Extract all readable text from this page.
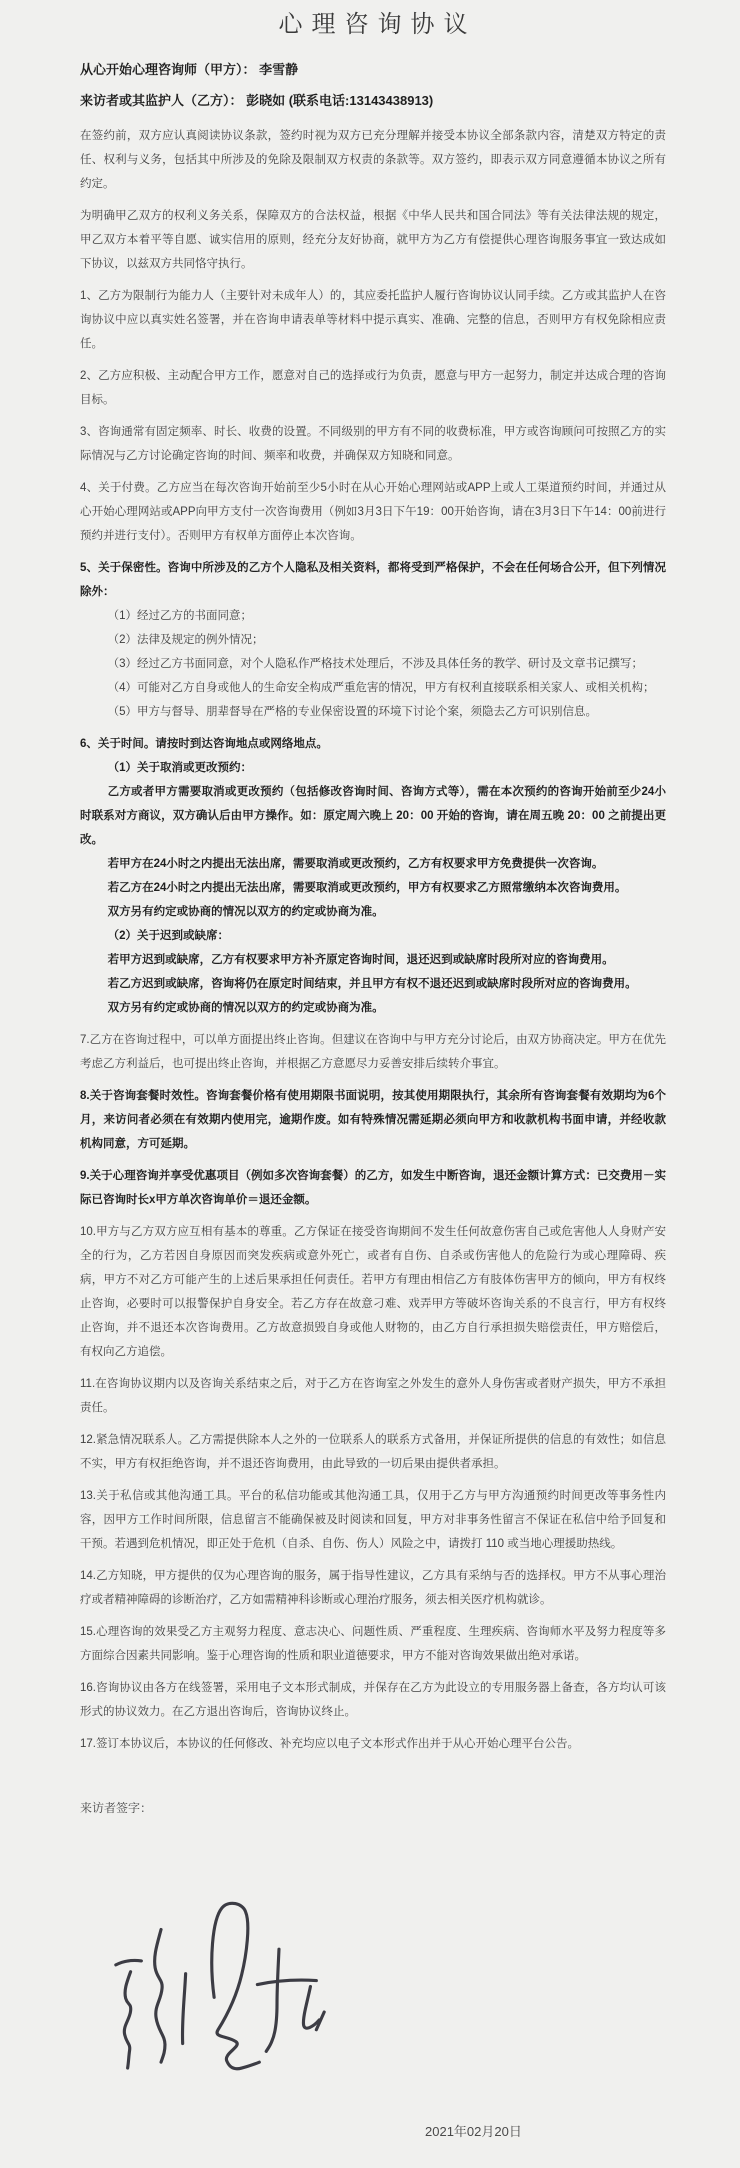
心理咨询协议

从心开始心理咨询师（甲方）： 李雪静

来访者或其监护人（乙方）： 彭晓如 (联系电话:13143438913)

在签约前，双方应认真阅读协议条款，签约时视为双方已充分理解并接受本协议全部条款内容，清楚双方特定的责任、权利与义务，包括其中所涉及的免除及限制双方权责的条款等。双方签约，即表示双方同意遵循本协议之所有约定。

为明确甲乙双方的权利义务关系，保障双方的合法权益，根据《中华人民共和国合同法》等有关法律法规的规定，甲乙双方本着平等自愿、诚实信用的原则，经充分友好协商，就甲方为乙方有偿提供心理咨询服务事宜一致达成如下协议，以兹双方共同恪守执行。

1、乙方为限制行为能力人（主要针对未成年人）的，其应委托监护人履行咨询协议认同手续。乙方或其监护人在咨询协议中应以真实姓名签署，并在咨询申请表单等材料中提示真实、准确、完整的信息，否则甲方有权免除相应责任。

2、乙方应积极、主动配合甲方工作，愿意对自己的选择或行为负责，愿意与甲方一起努力，制定并达成合理的咨询目标。

3、咨询通常有固定频率、时长、收费的设置。不同级别的甲方有不同的收费标准，甲方或咨询顾问可按照乙方的实际情况与乙方讨论确定咨询的时间、频率和收费，并确保双方知晓和同意。

4、关于付费。乙方应当在每次咨询开始前至少5小时在从心开始心理网站或APP上或人工渠道预约时间，并通过从心开始心理网站或APP向甲方支付一次咨询费用（例如3月3日下午19：00开始咨询，请在3月3日下午14：00前进行预约并进行支付）。否则甲方有权单方面停止本次咨询。

5、关于保密性。咨询中所涉及的乙方个人隐私及相关资料，都将受到严格保护，不会在任何场合公开，但下列情况除外：

（1）经过乙方的书面同意；

（2）法律及规定的例外情况；

（3）经过乙方书面同意，对个人隐私作严格技术处理后，不涉及具体任务的教学、研讨及文章书记撰写；

（4）可能对乙方自身或他人的生命安全构成严重危害的情况，甲方有权利直接联系相关家人、或相关机构；

（5）甲方与督导、朋辈督导在严格的专业保密设置的环境下讨论个案，须隐去乙方可识别信息。

6、关于时间。请按时到达咨询地点或网络地点。

（1）关于取消或更改预约：

乙方或者甲方需要取消或更改预约（包括修改咨询时间、咨询方式等），需在本次预约的咨询开始前至少24小时联系对方商议，双方确认后由甲方操作。如：原定周六晚上 20：00 开始的咨询，请在周五晚 20：00 之前提出更改。

若甲方在24小时之内提出无法出席，需要取消或更改预约，乙方有权要求甲方免费提供一次咨询。

若乙方在24小时之内提出无法出席，需要取消或更改预约，甲方有权要求乙方照常缴纳本次咨询费用。

双方另有约定或协商的情况以双方的约定或协商为准。

（2）关于迟到或缺席：

若甲方迟到或缺席，乙方有权要求甲方补齐原定咨询时间，退还迟到或缺席时段所对应的咨询费用。

若乙方迟到或缺席，咨询将仍在原定时间结束，并且甲方有权不退还迟到或缺席时段所对应的咨询费用。

双方另有约定或协商的情况以双方的约定或协商为准。

7.乙方在咨询过程中，可以单方面提出终止咨询。但建议在咨询中与甲方充分讨论后，由双方协商决定。甲方在优先考虑乙方利益后，也可提出终止咨询，并根据乙方意愿尽力妥善安排后续转介事宜。

8.关于咨询套餐时效性。咨询套餐价格有使用期限书面说明，按其使用期限执行，其余所有咨询套餐有效期均为6个月，来访问者必须在有效期内使用完，逾期作废。如有特殊情况需延期必须向甲方和收款机构书面申请，并经收款机构同意，方可延期。

9.关于心理咨询并享受优惠项目（例如多次咨询套餐）的乙方，如发生中断咨询，退还金额计算方式：已交费用－实际已咨询时长x甲方单次咨询单价＝退还金额。

10.甲方与乙方双方应互相有基本的尊重。乙方保证在接受咨询期间不发生任何故意伤害自己或危害他人人身财产安全的行为，乙方若因自身原因而突发疾病或意外死亡，或者有自伤、自杀或伤害他人的危险行为或心理障碍、疾病，甲方不对乙方可能产生的上述后果承担任何责任。若甲方有理由相信乙方有肢体伤害甲方的倾向，甲方有权终止咨询，必要时可以报警保护自身安全。若乙方存在故意刁难、戏弄甲方等破坏咨询关系的不良言行，甲方有权终止咨询，并不退还本次咨询费用。乙方故意损毁自身或他人财物的，由乙方自行承担损失赔偿责任，甲方赔偿后，有权向乙方追偿。

11.在咨询协议期内以及咨询关系结束之后，对于乙方在咨询室之外发生的意外人身伤害或者财产损失，甲方不承担责任。

12.紧急情况联系人。乙方需提供除本人之外的一位联系人的联系方式备用，并保证所提供的信息的有效性；如信息不实，甲方有权拒绝咨询，并不退还咨询费用，由此导致的一切后果由提供者承担。

13.关于私信或其他沟通工具。平台的私信功能或其他沟通工具，仅用于乙方与甲方沟通预约时间更改等事务性内容，因甲方工作时间所限，信息留言不能确保被及时阅读和回复，甲方对非事务性留言不保证在私信中给予回复和干预。若遇到危机情况，即正处于危机（自杀、自伤、伤人）风险之中，请拨打 110 或当地心理援助热线。

14.乙方知晓，甲方提供的仅为心理咨询的服务，属于指导性建议，乙方具有采纳与否的选择权。甲方不从事心理治疗或者精神障碍的诊断治疗，乙方如需精神科诊断或心理治疗服务，须去相关医疗机构就诊。

15.心理咨询的效果受乙方主观努力程度、意志决心、问题性质、严重程度、生理疾病、咨询师水平及努力程度等多方面综合因素共同影响。鉴于心理咨询的性质和职业道德要求，甲方不能对咨询效果做出绝对承诺。

16.咨询协议由各方在线签署，采用电子文本形式制成，并保存在乙方为此设立的专用服务器上备查，各方均认可该形式的协议效力。在乙方退出咨询后，咨询协议终止。

17.签订本协议后，本协议的任何修改、补充均应以电子文本形式作出并于从心开始心理平台公告。

来访者签字：

2021年02月20日
